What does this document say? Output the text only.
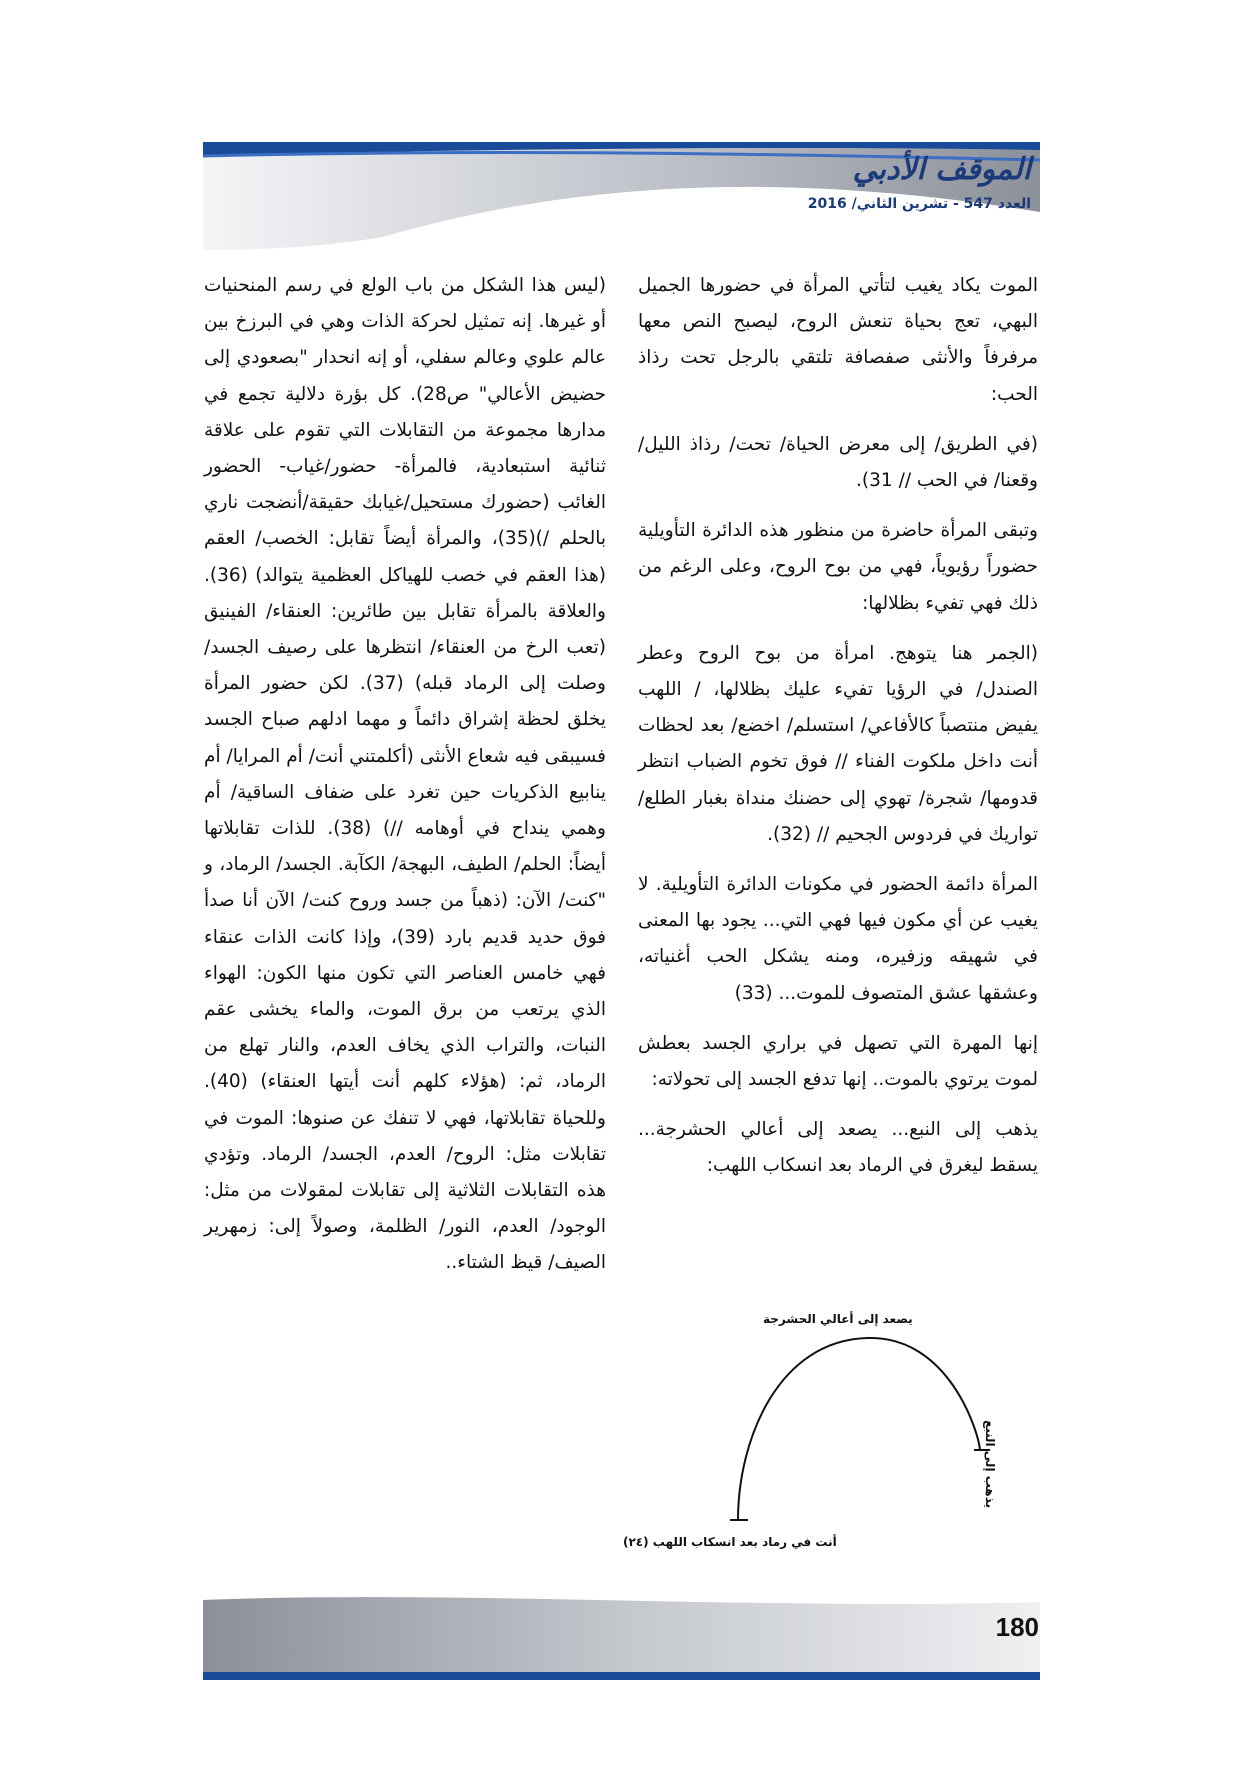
الموقف الأدبي
العدد 547 - تشرين الثاني/ 2016

الموت يكاد يغيب لتأتي المرأة في حضورها الجميل البهي، تعج بحياة تنعش الروح، ليصبح النص معها مرفرفاً والأنثى صفصافة تلتقي بالرجل تحت رذاذ الحب:

(في الطريق/ إلى معرض الحياة/ تحت/ رذاذ الليل/ وقعنا/ في الحب // 31).

وتبقى المرأة حاضرة من منظور هذه الدائرة التأويلية حضوراً رؤيوياً، فهي من بوح الروح، وعلى الرغم من ذلك فهي تفيء بظلالها:

(الجمر هنا يتوهج. امرأة من بوح الروح وعطر الصندل/ في الرؤيا تفيء عليك بظلالها، / اللهب يفيض منتصباً كالأفاعي/ استسلم/ اخضع/ بعد لحظات أنت داخل ملكوت الفناء // فوق تخوم الضباب انتظر قدومها/ شجرة/ تهوي إلى حضنك منداة بغبار الطلع/ تواريك في فردوس الجحيم // (32).

المرأة دائمة الحضور في مكونات الدائرة التأويلية. لا يغيب عن أي مكون فيها فهي التي... يجود بها المعنى في شهيقه وزفيره، ومنه يشكل الحب أغنياته، وعشقها عشق المتصوف للموت... (33)

إنها المهرة التي تصهل في براري الجسد بعطش لموت يرتوي بالموت.. إنها تدفع الجسد إلى تحولاته:

يذهب إلى النبع... يصعد إلى أعالي الحشرجة... يسقط ليغرق في الرماد بعد انسكاب اللهب:

(ليس هذا الشكل من باب الولع في رسم المنحنيات أو غيرها. إنه تمثيل لحركة الذات وهي في البرزخ بين عالم علوي وعالم سفلي، أو إنه انحدار "بصعودي إلى حضيض الأعالي" ص28). كل بؤرة دلالية تجمع في مدارها مجموعة من التقابلات التي تقوم على علاقة ثنائية استبعادية، فالمرأة- حضور/غياب- الحضور الغائب (حضورك مستحيل/غيابك حقيقة/أنضجت ناري بالحلم /)(35)، والمرأة أيضاً تقابل: الخصب/ العقم (هذا العقم في خصب للهياكل العظمية يتوالد) (36). والعلاقة بالمرأة تقابل بين طائرين: العنقاء/ الفينيق (تعب الرخ من العنقاء/ انتظرها على رصيف الجسد/ وصلت إلى الرماد قبله) (37). لكن حضور المرأة يخلق لحظة إشراق دائماً و مهما ادلهم صباح الجسد فسيبقى فيه شعاع الأنثى (أكلمتني أنت/ أم المرايا/ أم ينابيع الذكريات حين تغرد على ضفاف الساقية/ أم وهمي ينداح في أوهامه //) (38). للذات تقابلاتها أيضاً: الحلم/ الطيف، البهجة/ الكآبة. الجسد/ الرماد، و "كنت/ الآن: (ذهباً من جسد وروح كنت/ الآن أنا صدأ فوق حديد قديم بارد (39)، وإذا كانت الذات عنقاء فهي خامس العناصر التي تكون منها الكون: الهواء الذي يرتعب من برق الموت، والماء يخشى عقم النبات، والتراب الذي يخاف العدم، والنار تهلع من الرماد، ثم: (هؤلاء كلهم أنت أيتها العنقاء) (40). وللحياة تقابلاتها، فهي لا تنفك عن صنوها: الموت في تقابلات مثل: الروح/ العدم، الجسد/ الرماد. وتؤدي هذه التقابلات الثلاثية إلى تقابلات لمقولات من مثل: الوجود/ العدم، النور/ الظلمة، وصولاً إلى: زمهرير الصيف/ قيظ الشتاء..

يصعد إلى أعالي الحشرجة
يذهب إلى النبع
أنت في رماد بعد انسكاب اللهب (٢٤)
180
